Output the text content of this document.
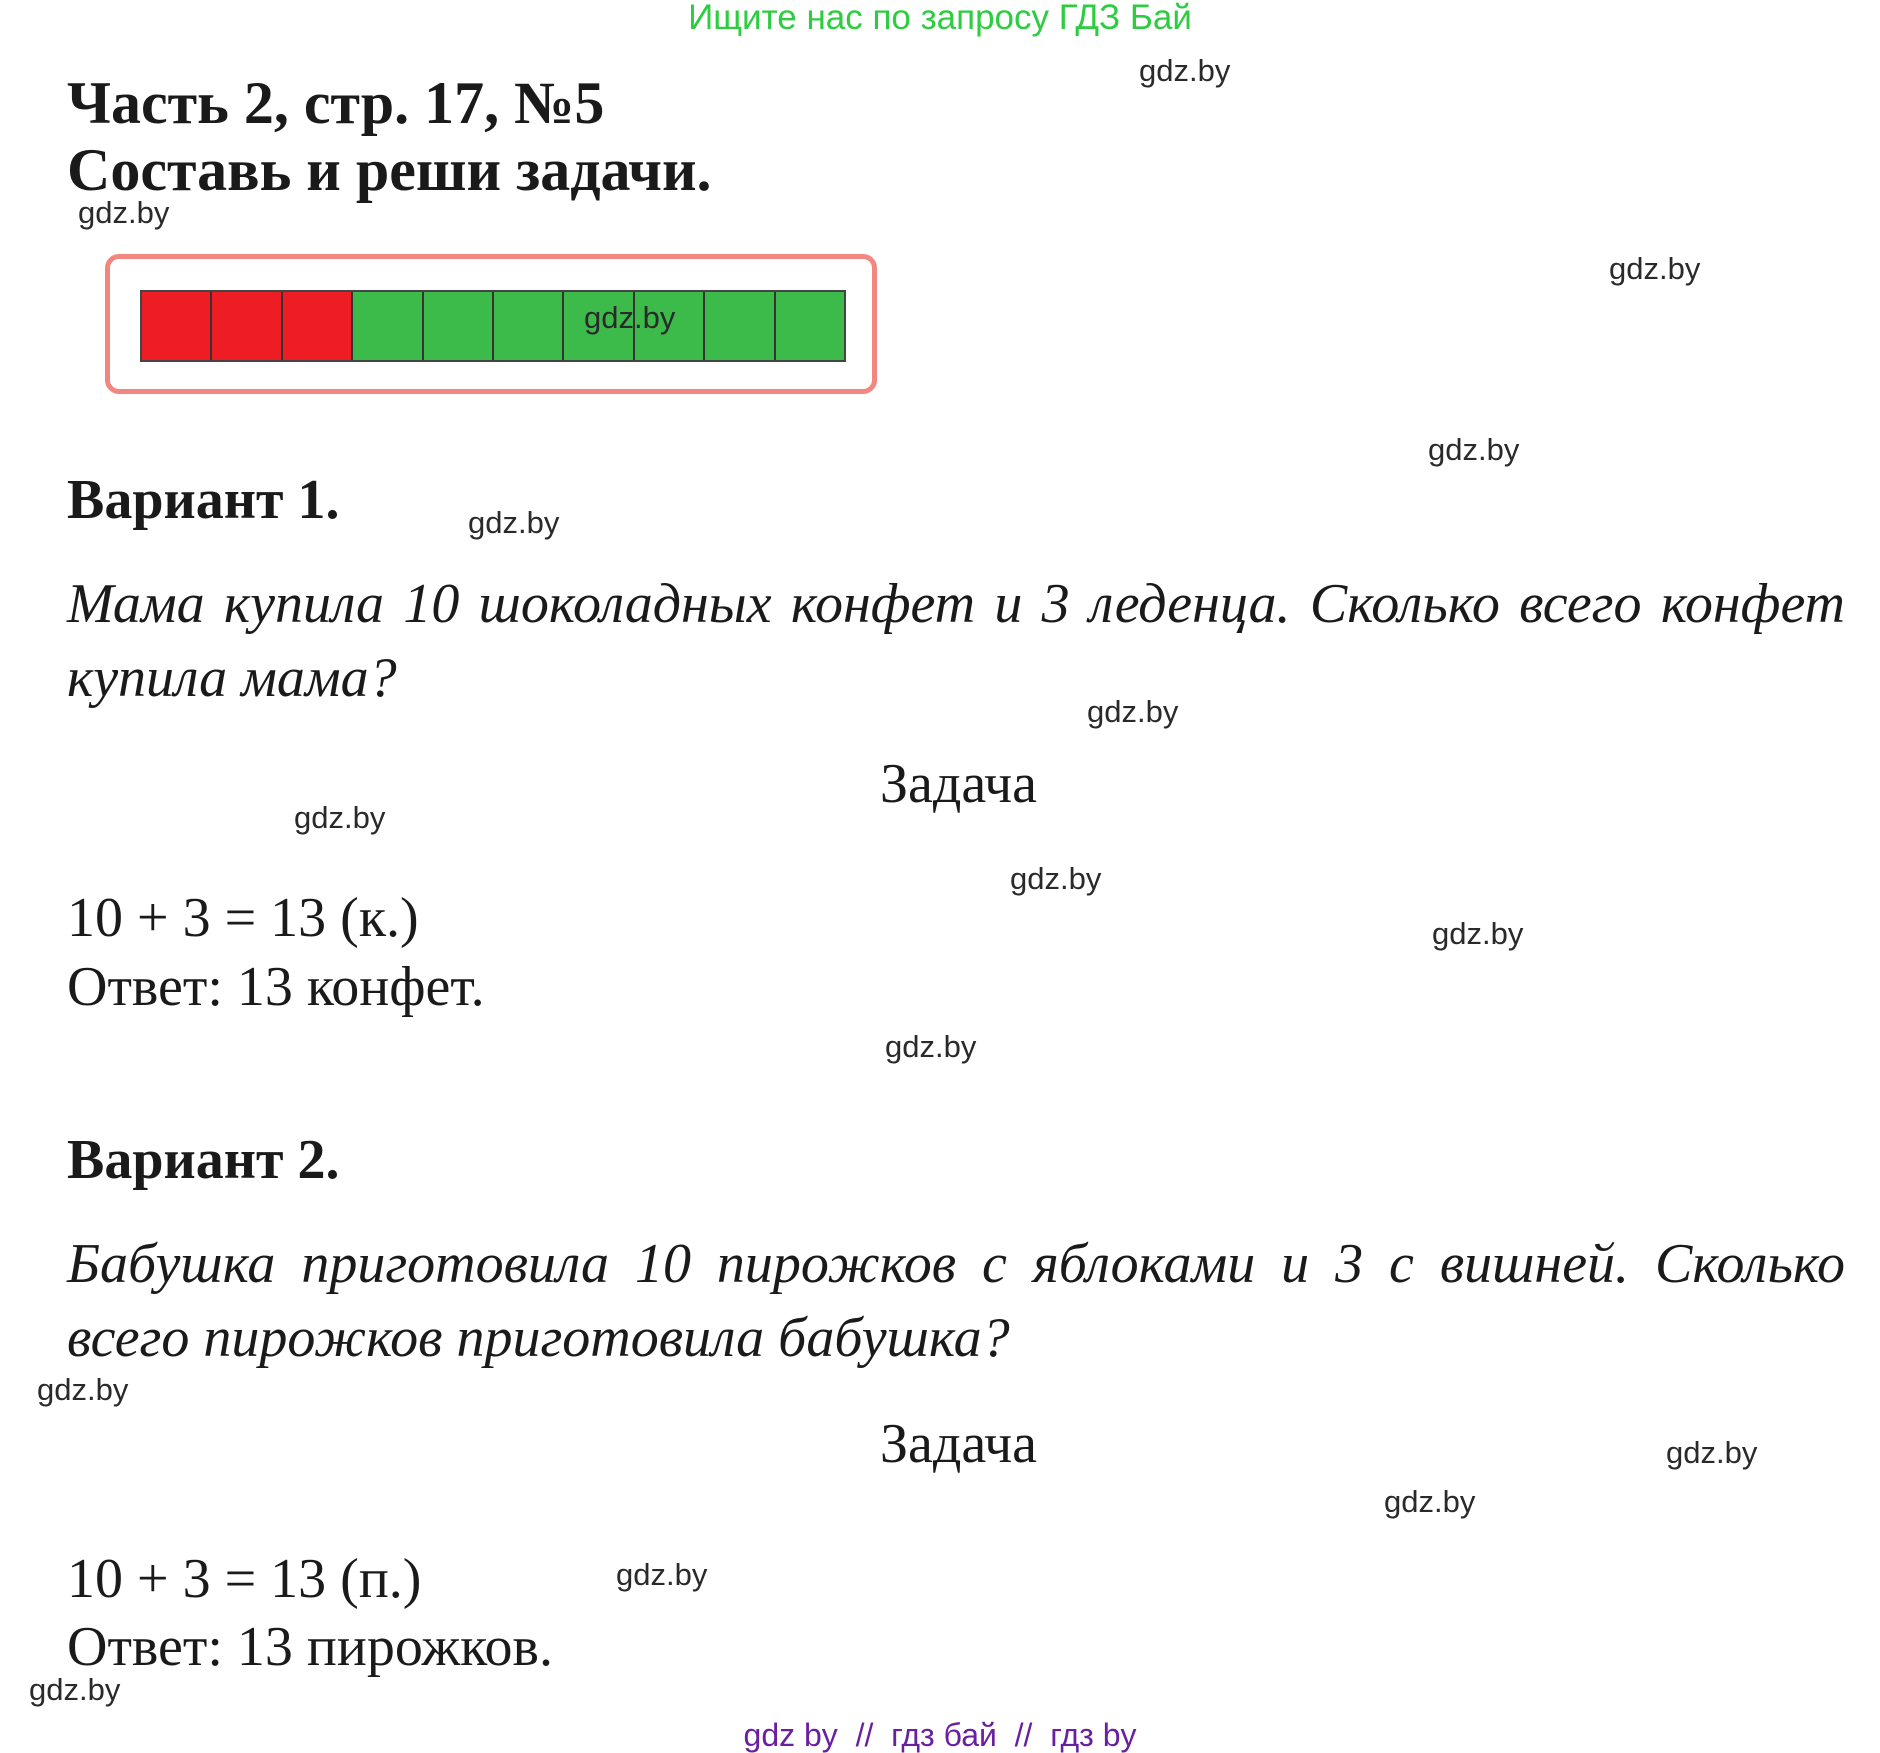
Ищите нас по запросу ГДЗ Бай
Часть 2, стр. 17, №5
Составь и реши задачи.
Вариант 1.
Мама купила 10 шоколадных конфет и 3 леденца. Сколько всего конфет купила мама?
Задача
10 + 3 = 13 (к.)
Ответ: 13 конфет.
Вариант 2.
Бабушка приготовила 10 пирожков с яблоками и 3 с вишней. Сколько всего пирожков приготовила бабушка?
Задача
10 + 3 = 13 (п.)
Ответ: 13 пирожков.
gdz.by
gdz.by
gdz.by
gdz.by
gdz.by
gdz.by
gdz.by
gdz.by
gdz.by
gdz.by
gdz.by
gdz.by
gdz.by
gdz.by
gdz.by
gdz.by
gdz by  //  гдз бай  //  гдз by
